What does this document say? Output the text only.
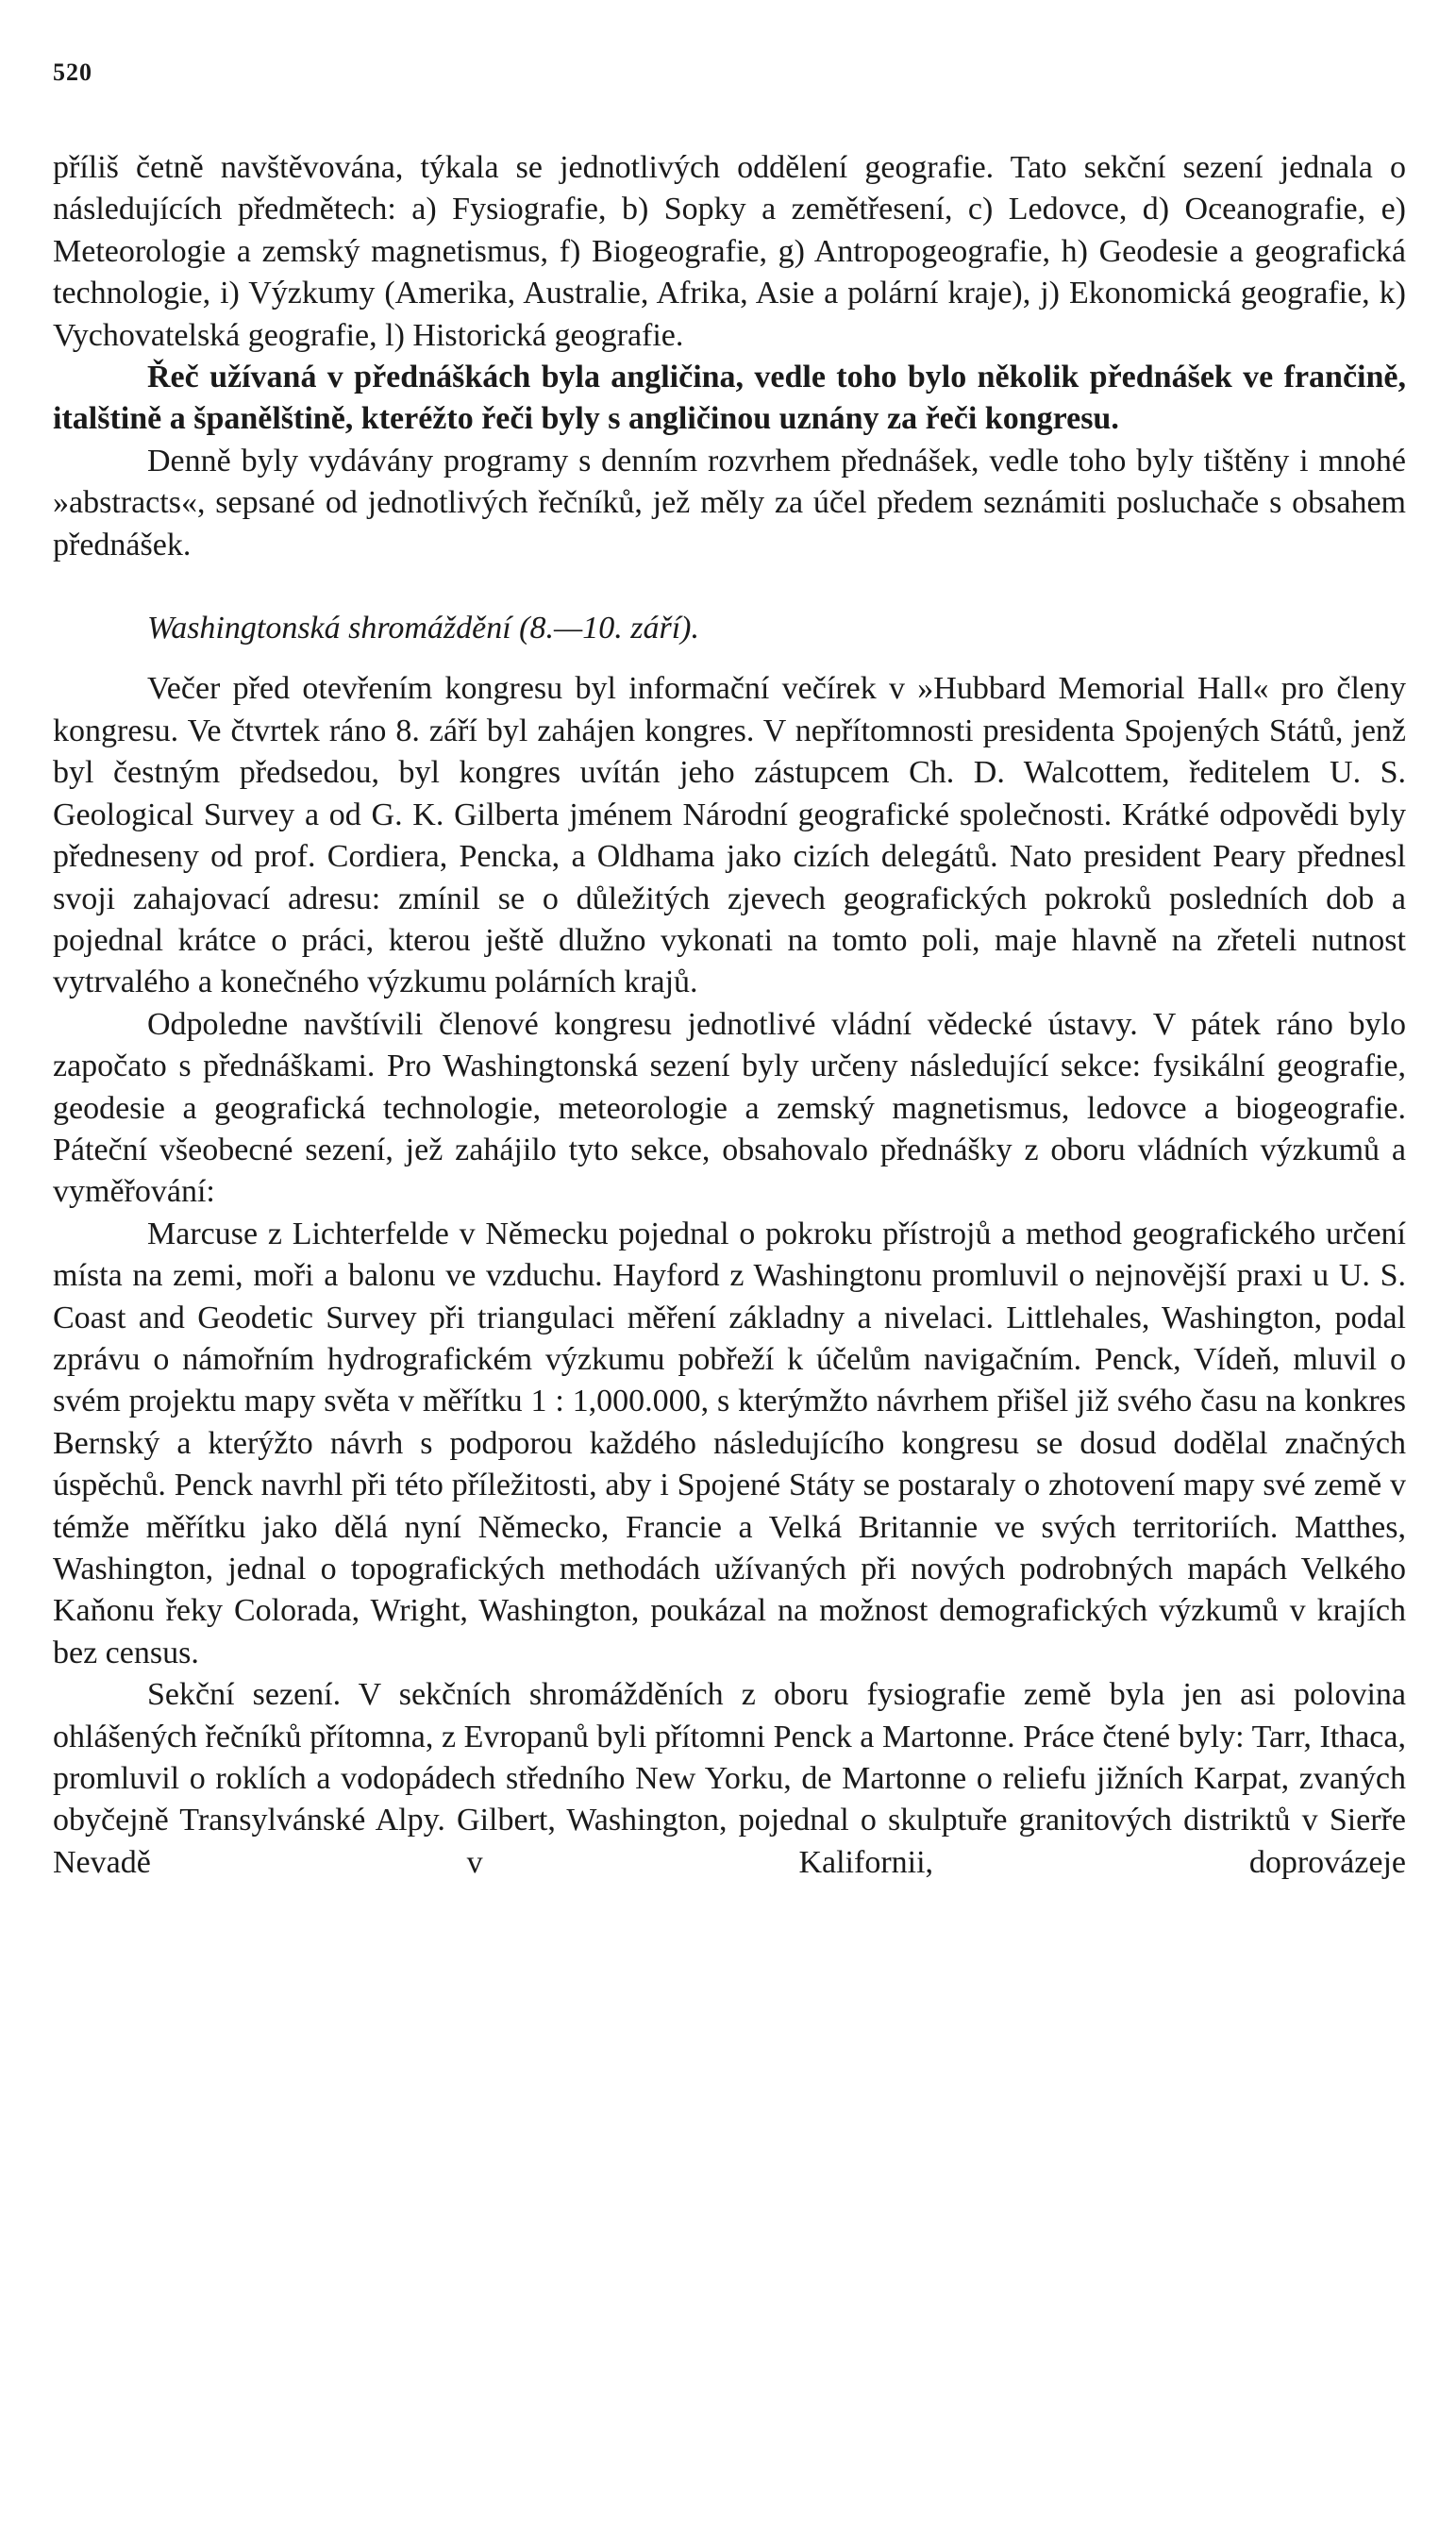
520

příliš četně navštěvována, týkala se jednotlivých oddělení geografie. Tato sekční sezení jednala o následujících předmětech: a) Fysiografie, b) Sopky a zemětřesení, c) Ledovce, d) Oceanografie, e) Meteorologie a zemský magnetismus, f) Biogeografie, g) Antropogeografie, h) Geodesie a geografická technologie, i) Výzkumy (Amerika, Australie, Afrika, Asie a polární kraje), j) Ekonomická geografie, k) Vychovatelská geografie, l) Historická geografie.

Řeč užívaná v přednáškách byla angličina, vedle toho bylo několik přednášek ve frančině, italštině a španělštině, kteréžto řeči byly s angličinou uznány za řeči kongresu.

Denně byly vydávány programy s denním rozvrhem přednášek, vedle toho byly tištěny i mnohé »abstracts«, sepsané od jednotlivých řečníků, jež měly za účel předem seznámiti posluchače s obsahem přednášek.

Washingtonská shromáždění (8.—10. září).

Večer před otevřením kongresu byl informační večírek v »Hubbard Memorial Hall« pro členy kongresu. Ve čtvrtek ráno 8. září byl zahájen kongres. V nepřítomnosti presidenta Spojených Států, jenž byl čestným předsedou, byl kongres uvítán jeho zástupcem Ch. D. Walcottem, ředitelem U. S. Geological Survey a od G. K. Gilberta jménem Národní geografické společnosti. Krátké odpovědi byly předneseny od prof. Cordiera, Pencka, a Oldhama jako cizích delegátů. Nato president Peary přednesl svoji zahajovací adresu: zmínil se o důležitých zjevech geografických pokroků posledních dob a pojednal krátce o práci, kterou ještě dlužno vykonati na tomto poli, maje hlavně na zřeteli nutnost vytrvalého a konečného výzkumu polárních krajů.

Odpoledne navštívili členové kongresu jednotlivé vládní vědecké ústavy. V pátek ráno bylo započato s přednáškami. Pro Washingtonská sezení byly určeny následující sekce: fysikální geografie, geodesie a geografická technologie, meteorologie a zemský magnetismus, ledovce a biogeografie. Páteční všeobecné sezení, jež zahájilo tyto sekce, obsahovalo přednášky z oboru vládních výzkumů a vyměřování:

Marcuse z Lichterfelde v Německu pojednal o pokroku přístrojů a method geografického určení místa na zemi, moři a balonu ve vzduchu. Hayford z Washingtonu promluvil o nejnovější praxi u U. S. Coast and Geodetic Survey při triangulaci měření základny a nivelaci. Littlehales, Washington, podal zprávu o námořním hydrografickém výzkumu pobřeží k účelům navigačním. Penck, Vídeň, mluvil o svém projektu mapy světa v měřítku 1 : 1,000.000, s kterýmžto návrhem přišel již svého času na konkres Bernský a kterýžto návrh s podporou každého následujícího kongresu se dosud dodělal značných úspěchů. Penck navrhl při této příležitosti, aby i Spojené Státy se postaraly o zhotovení mapy své země v témže měřítku jako dělá nyní Německo, Francie a Velká Britannie ve svých territoriích. Matthes, Washington, jednal o topografických methodách užívaných při nových podrobných mapách Velkého Kaňonu řeky Colorada, Wright, Washington, poukázal na možnost demografických výzkumů v krajích bez census.

Sekční sezení. V sekčních shromážděních z oboru fysiografie země byla jen asi polovina ohlášených řečníků přítomna, z Evropanů byli přítomni Penck a Martonne. Práce čtené byly: Tarr, Ithaca, promluvil o roklích a vodopádech středního New Yorku, de Martonne o reliefu jižních Karpat, zvaných obyčejně Transylvánské Alpy. Gilbert, Washington, pojednal o skulptuře granitových distriktů v Sierře Nevadě v Kalifornii, doprovázeje
